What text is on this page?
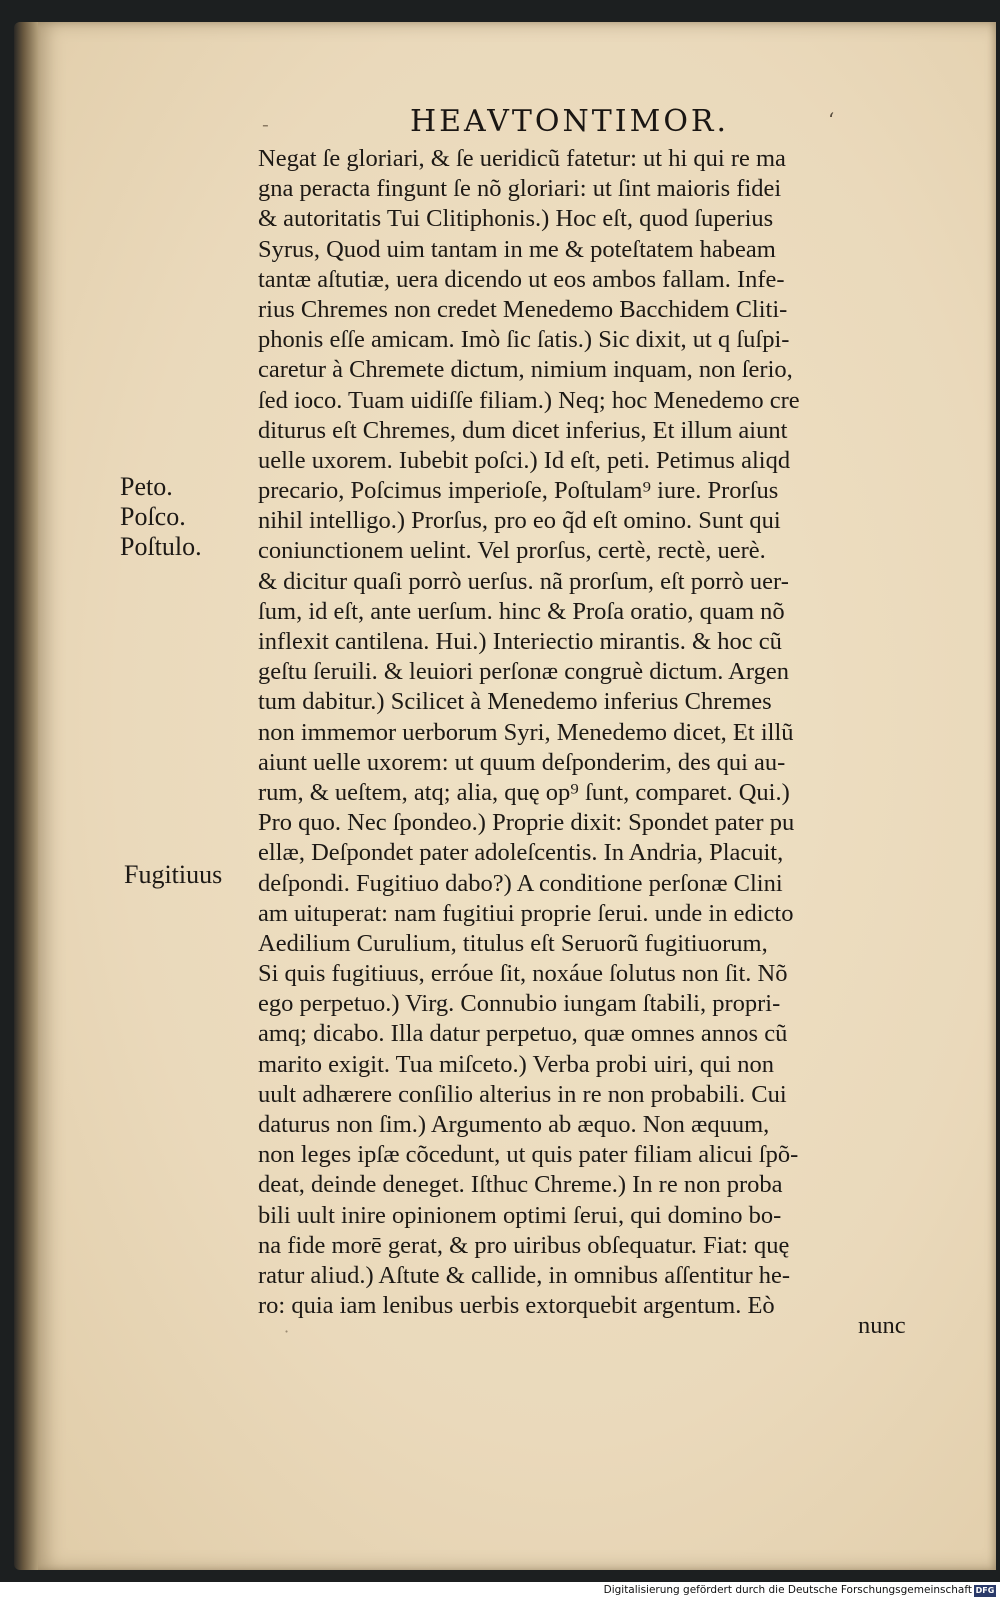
-	HEAVTONTIMOR.	‘
Negat ſe gloriari, & ſe ueridicũ fatetur: ut hi qui re ma
gna peracta fingunt ſe nõ gloriari: ut ſint maioris fidei
& autoritatis Tui Clitiphonis.) Hoc eſt, quod ſuperius
Syrus, Quod uim tantam in me & poteſtatem habeam
tantæ aſtutiæ, uera dicendo ut eos ambos fallam. Infe-
rius Chremes non credet Menedemo Bacchidem Cliti-
phonis eſſe amicam. Imò ſic ſatis.) Sic dixit, ut q ſuſpi-
caretur à Chremete dictum, nimium inquam, non ſerio,
ſed ioco. Tuam uidiſſe filiam.) Neq; hoc Menedemo cre
diturus eſt Chremes, dum dicet inferius, Et illum aiunt
uelle uxorem. Iubebit poſci.) Id eſt, peti. Petimus aliqd
precario, Poſcimus imperioſe, Poſtulam⁹ iure. Prorſus
nihil intelligo.) Prorſus, pro eo q̃d eſt omino. Sunt qui
coniunctionem uelint. Vel prorſus, certè, rectè, uerè.
& dicitur quaſi porrò uerſus. nã prorſum, eſt porrò uer-
ſum, id eſt, ante uerſum. hinc & Proſa oratio, quam nõ
inflexit cantilena. Hui.) Interiectio mirantis. & hoc cũ
geſtu ſeruili. & leuiori perſonæ congruè dictum. Argen
tum dabitur.) Scilicet à Menedemo inferius Chremes
non immemor uerborum Syri, Menedemo dicet, Et illũ
aiunt uelle uxorem: ut quum deſponderim, des qui au-
rum, & ueſtem, atq; alia, quę op⁹ ſunt, comparet. Qui.)
Pro quo. Nec ſpondeo.) Proprie dixit: Spondet pater pu
ellæ, Deſpondet pater adoleſcentis. In Andria, Placuit,
deſpondi. Fugitiuo dabo?) A conditione perſonæ Clini
am uituperat: nam fugitiui proprie ſerui. unde in edicto
Aedilium Curulium, titulus eſt Seruorũ fugitiuorum,
Si quis fugitiuus, erróue ſit, noxáue ſolutus non ſit. Nõ
ego perpetuo.) Virg. Connubio iungam ſtabili, propri-
amq; dicabo. Illa datur perpetuo, quæ omnes annos cũ
marito exigit. Tua miſceto.) Verba probi uiri, qui non
uult adhærere conſilio alterius in re non probabili. Cui
daturus non ſim.) Argumento ab æquo. Non æquum,
non leges ipſæ cõcedunt, ut quis pater filiam alicui ſpõ-
deat, deinde deneget. Iſthuc Chreme.) In re non proba
bili uult inire opinionem optimi ſerui, qui domino bo-
na fide morē gerat, & pro uiribus obſequatur. Fiat: quę
ratur aliud.) Aſtute & callide, in omnibus aſſentitur he-
ro: quia iam lenibus uerbis extorquebit argentum. Eò
Peto.
Poſco.
Poſtulo.
Fugitiuus
nunc
·
Digitalisierung gefördert durch die Deutsche Forschungsgemeinschaft DFG
